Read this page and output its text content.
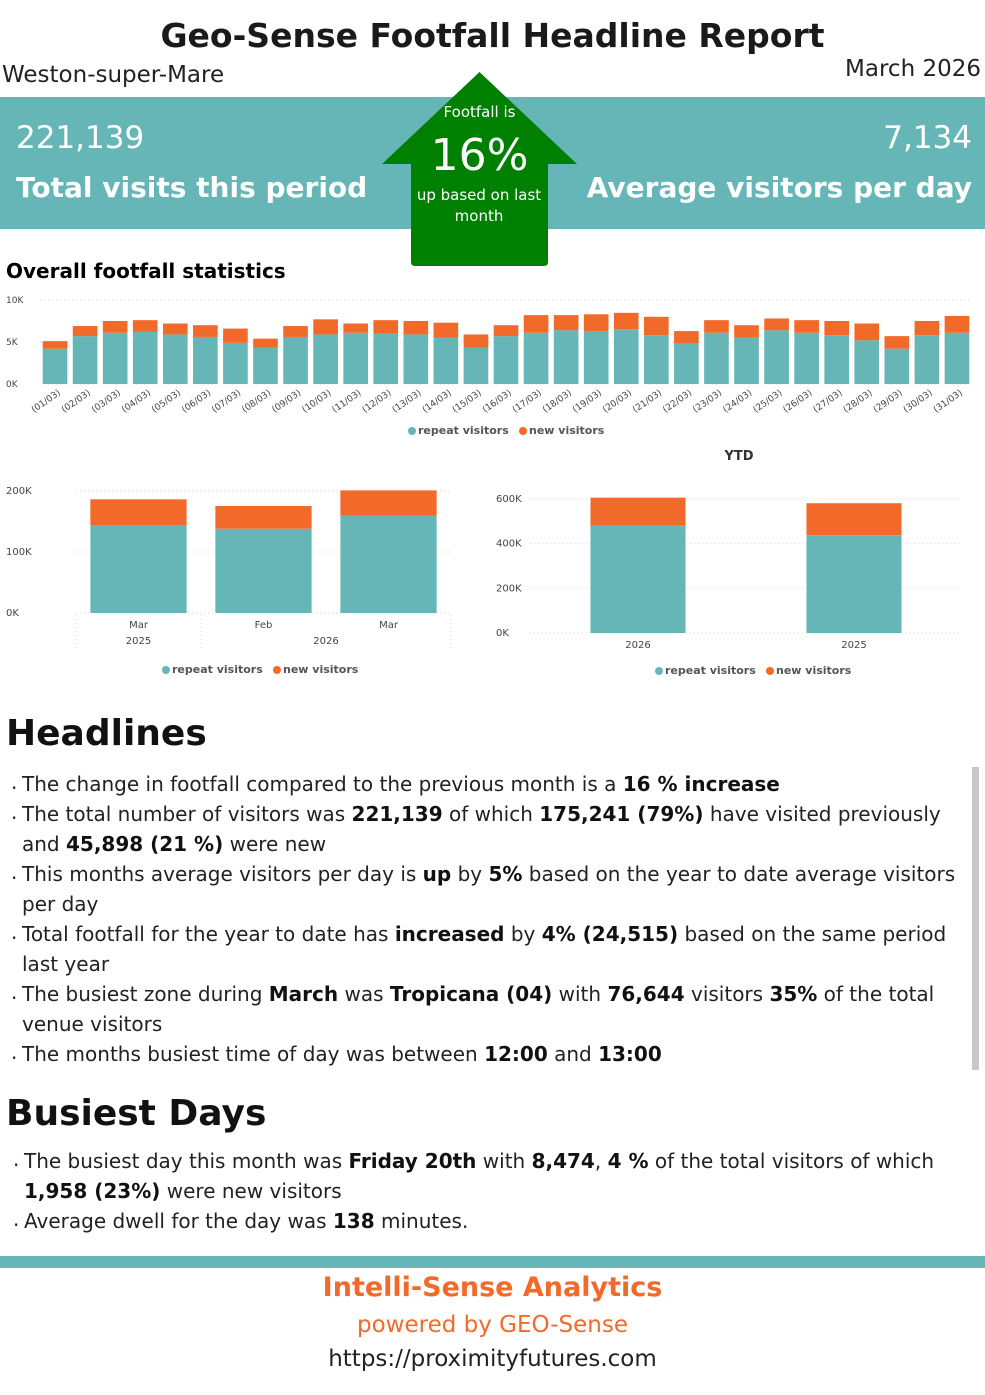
Geo-Sense Footfall Headline Report
Weston-super-Mare	March 2026
221,139
Total visits this period
7,134
Average visitors per day
Footfall is
16%
up based on last month
Overall footfall statistics
0K
5K
10K
(01/03)
(02/03)
(03/03)
(04/03)
(05/03)
(06/03)
(07/03)
(08/03)
(09/03)
(10/03)
(11/03)
(12/03)
(13/03)
(14/03)
(15/03)
(16/03)
(17/03)
(18/03)
(19/03)
(20/03)
(21/03)
(22/03)
(23/03)
(24/03)
(25/03)
(26/03)
(27/03)
(28/03)
(29/03)
(30/03)
(31/03)
repeat visitors new visitors
0K
100K
200K
Mar	Feb	Mar
repeat visitors new visitors
2025	2026
YTD
0K
200K
400K
600K
2026	2025
repeat visitors new visitors
Headlines
. The change in footfall compared to the previous month is a 16 % increase
. The total number of visitors was 221,139 of which 175,241 (79%) have visited previously and 45,898 (21 %) were new
. This months average visitors per day is up by 5% based on the year to date average visitors per day
. Total footfall for the year to date has increased by 4% (24,515) based on the same period last year
. The busiest zone during March was Tropicana (04) with 76,644 visitors 35% of the total venue visitors
. The months busiest time of day was between 12:00 and 13:00
Busiest Days
. The busiest day this month was Friday 20th with 8,474, 4 % of the total visitors of which 1,958 (23%) were new visitors
. Average dwell for the day was 138 minutes.
Intelli-Sense Analytics
powered by GEO-Sense
https://proximityfutures.com
